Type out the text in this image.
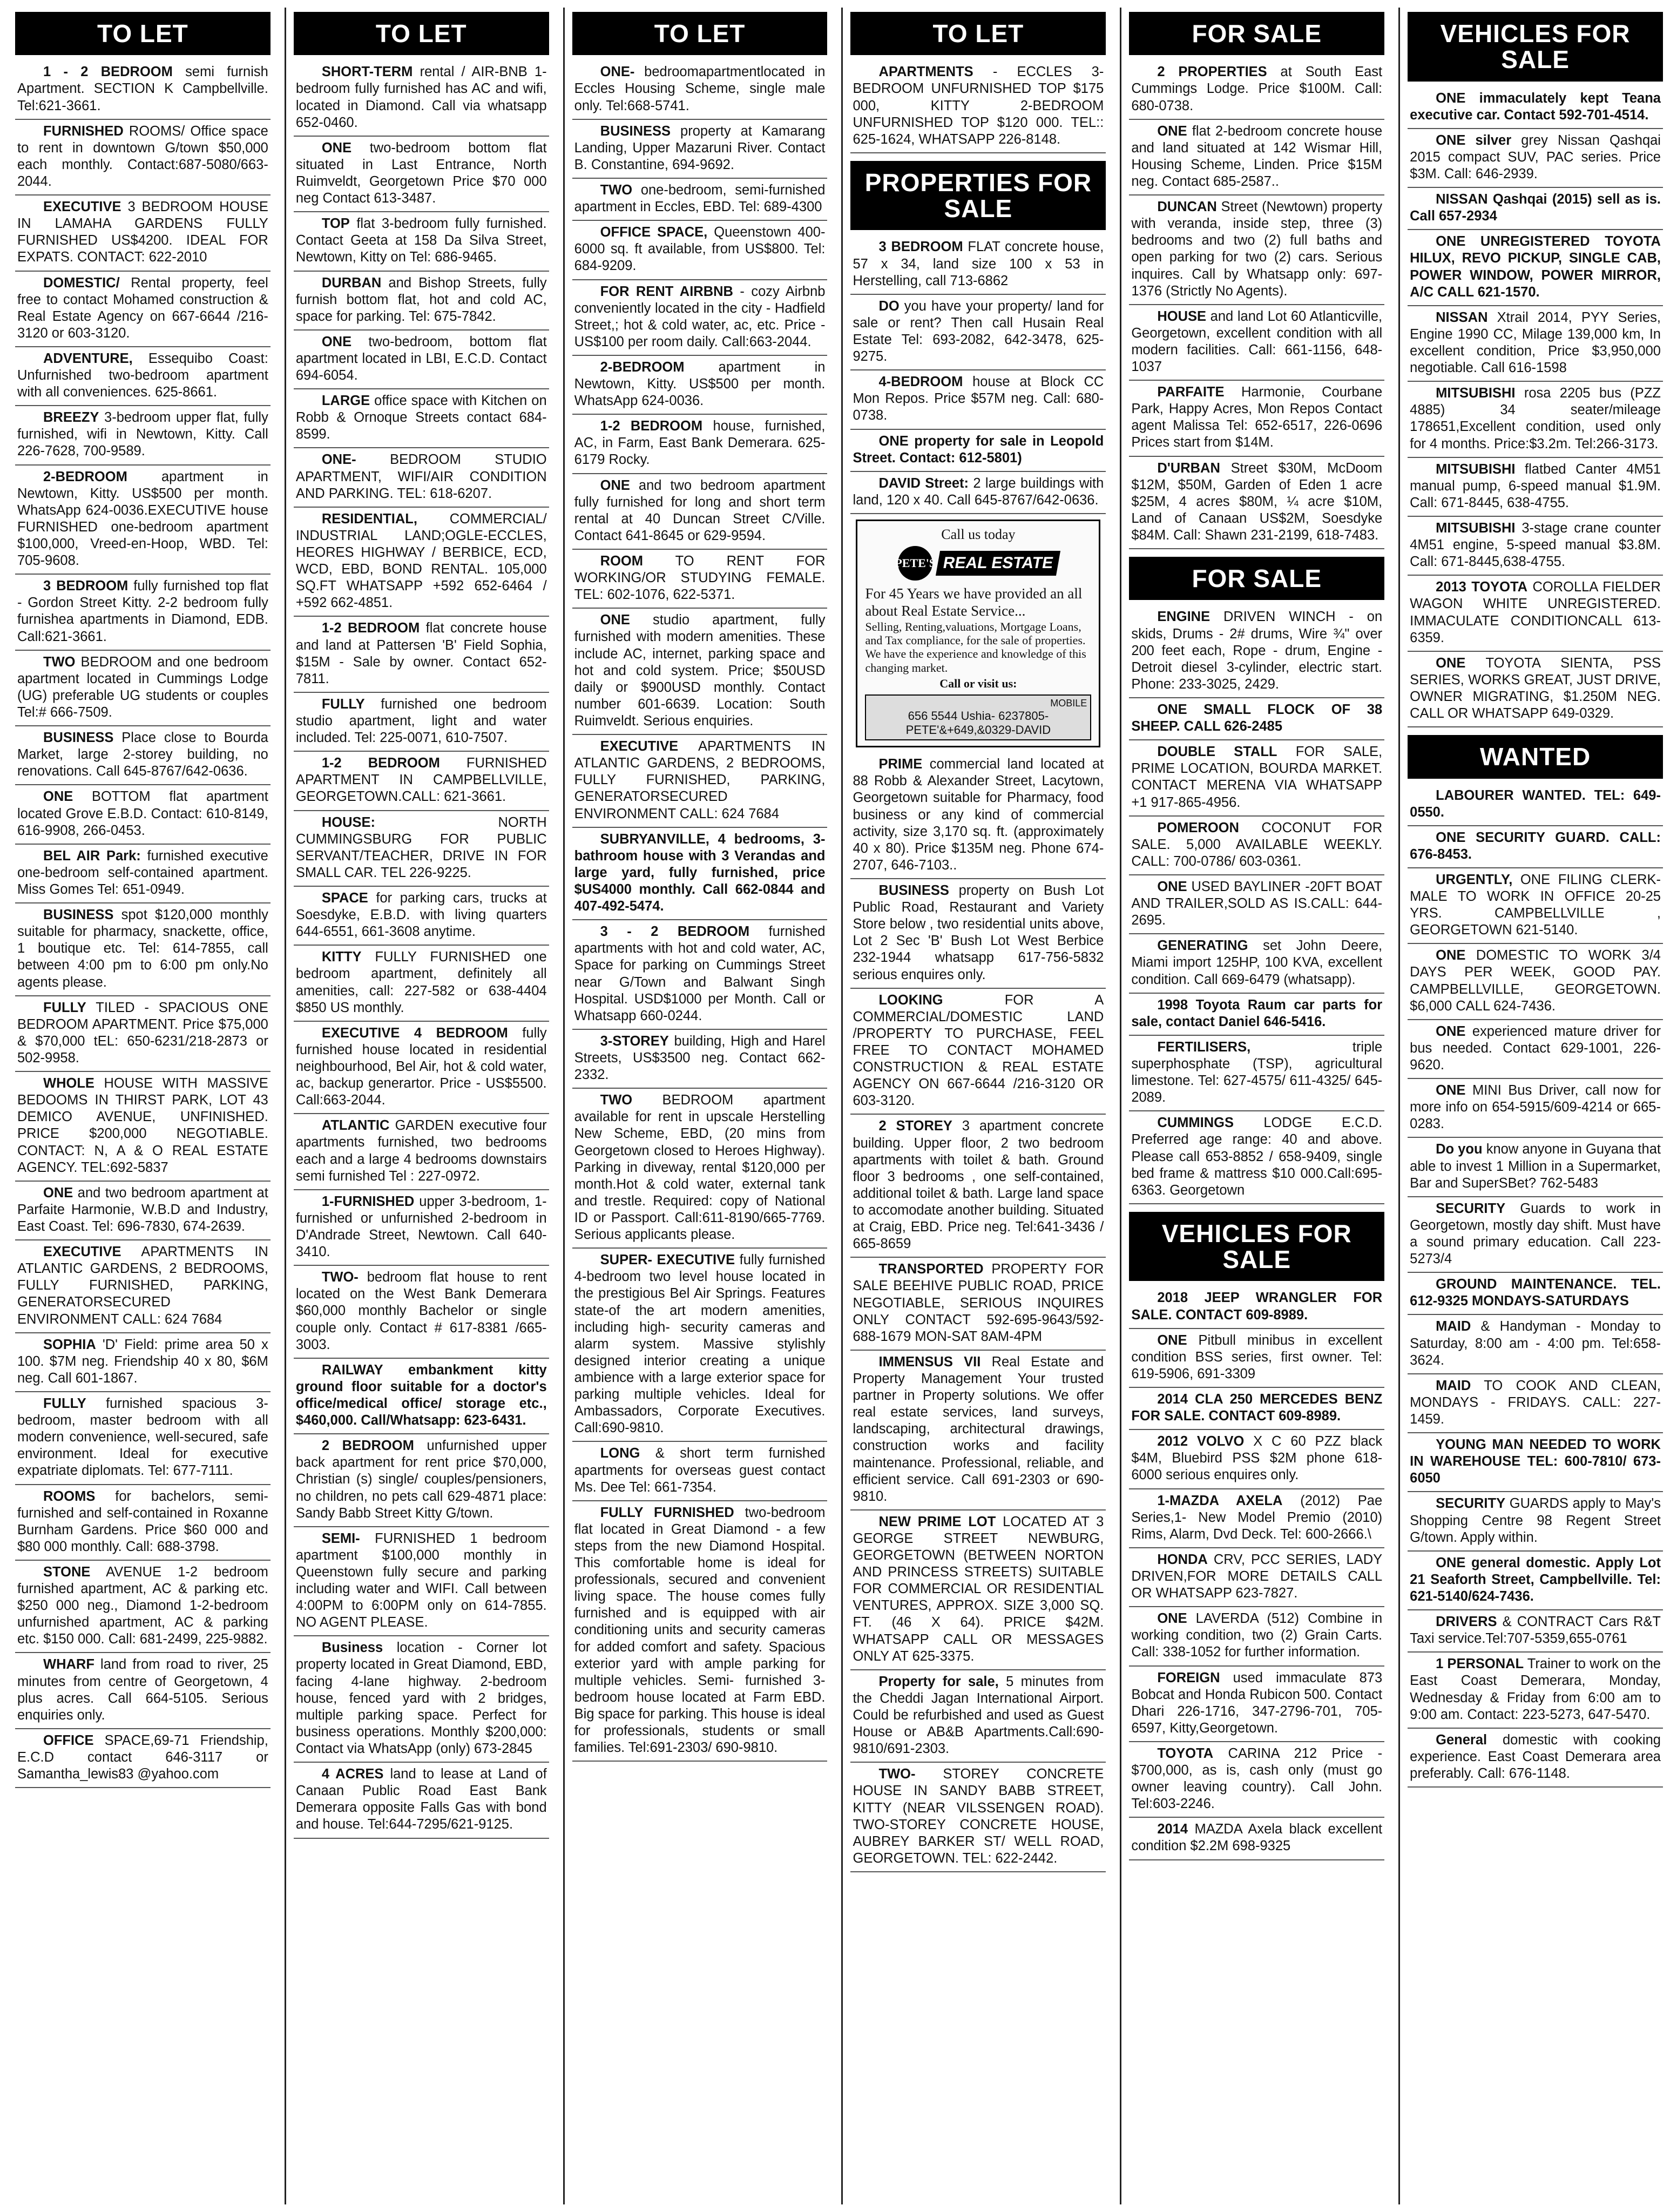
TO LET
1 - 2 BEDROOM semi furnish Apartment. SECTION K Campbellville. Tel:621-3661.
FURNISHED ROOMS/ Office space to rent in downtown G/town $50,000 each monthly. Contact:687-5080/663-2044.
EXECUTIVE 3 BEDROOM HOUSE IN LAMAHA GARDENS FULLY FURNISHED US$4200. IDEAL FOR EXPATS. CONTACT: 622-2010
DOMESTIC/ Rental property, feel free to contact Mohamed construction & Real Estate Agency on 667-6644 /216-3120 or 603-3120.
ADVENTURE, Essequibo Coast: Unfurnished two-bedroom apartment with all conveniences. 625-8661.
BREEZY 3-bedroom upper flat, fully furnished, wifi in Newtown, Kitty. Call 226-7628, 700-9589.
2-BEDROOM apartment in Newtown, Kitty. US$500 per month. WhatsApp 624-0036.EXECUTIVE house FURNISHED one-bedroom apartment $100,000, Vreed-en-Hoop, WBD. Tel: 705-9608.
3 BEDROOM fully furnished top flat - Gordon Street Kitty. 2-2 bedroom fully furnishea apartments in Diamond, EDB. Call:621-3661.
TWO BEDROOM and one bedroom apartment located in Cummings Lodge (UG) preferable UG students or couples Tel:# 666-7509.
BUSINESS Place close to Bourda Market, large 2-storey building, no renovations. Call 645-8767/642-0636.
ONE BOTTOM flat apartment located Grove E.B.D. Contact: 610-8149, 616-9908, 266-0453.
BEL AIR Park: furnished executive one-bedroom self-contained apartment. Miss Gomes Tel: 651-0949.
BUSINESS spot $120,000 monthly suitable for pharmacy, snackette, office, 1 boutique etc. Tel: 614-7855, call between 4:00 pm to 6:00 pm only.No agents please.
FULLY TILED - SPACIOUS ONE BEDROOM APARTMENT. Price $75,000 & $70,000 tEL: 650-6231/218-2873 or 502-9958.
WHOLE HOUSE WITH MASSIVE BEDOOMS IN THIRST PARK, LOT 43 DEMICO AVENUE, UNFINISHED. PRICE $200,000 NEGOTIABLE. CONTACT: N, A & O REAL ESTATE AGENCY. TEL:692-5837
ONE and two bedroom apartment at Parfaite Harmonie, W.B.D and Industry, East Coast. Tel: 696-7830, 674-2639.
EXECUTIVE APARTMENTS IN ATLANTIC GARDENS, 2 BEDROOMS, FULLY FURNISHED, PARKING, GENERATORSECURED ENVIRONMENT CALL: 624 7684
SOPHIA 'D' Field: prime area 50 x 100. $7M neg. Friendship 40 x 80, $6M neg. Call 601-1867.
FULLY furnished spacious 3-bedroom, master bedroom with all modern convenience, well-secured, safe environment. Ideal for executive expatriate diplomats. Tel: 677-7111.
ROOMS for bachelors, semi-furnished and self-contained in Roxanne Burnham Gardens. Price $60 000 and $80 000 monthly. Call: 688-3798.
STONE AVENUE 1-2 bedroom furnished apartment, AC & parking etc. $250 000 neg., Diamond 1-2-bedroom unfurnished apartment, AC & parking etc. $150 000. Call: 681-2499, 225-9882.
WHARF land from road to river, 25 minutes from centre of Georgetown, 4 plus acres. Call 664-5105. Serious enquiries only.
OFFICE SPACE,69-71 Friendship, E.C.D contact 646-3117 or Samantha_lewis83 @yahoo.com
TO LET
SHORT-TERM rental / AIR-BNB 1-bedroom fully furnished has AC and wifi, located in Diamond. Call via whatsapp 652-0460.
ONE two-bedroom bottom flat situated in Last Entrance, North Ruimveldt, Georgetown Price $70 000 neg Contact 613-3487.
TOP flat 3-bedroom fully furnished. Contact Geeta at 158 Da Silva Street, Newtown, Kitty on Tel: 686-9465.
DURBAN and Bishop Streets, fully furnish bottom flat, hot and cold AC, space for parking. Tel: 675-7842.
ONE two-bedroom, bottom flat apartment located in LBI, E.C.D. Contact 694-6054.
LARGE office space with Kitchen on Robb & Ornoque Streets contact 684-8599.
ONE- BEDROOM STUDIO APARTMENT, WIFI/AIR CONDITION AND PARKING. TEL: 618-6207.
RESIDENTIAL, COMMERCIAL/ INDUSTRIAL LAND;OGLE-ECCLES, HEORES HIGHWAY / BERBICE, ECD, WCD, EBD, BOND RENTAL. 105,000 SQ.FT WHATSAPP +592 652-6464 / +592 662-4851.
1-2 BEDROOM flat concrete house and land at Pattersen 'B' Field Sophia, $15M - Sale by owner. Contact 652-7811.
FULLY furnished one bedroom studio apartment, light and water included. Tel: 225-0071, 610-7507.
1-2 BEDROOM FURNISHED APARTMENT IN CAMPBELLVILLE, GEORGETOWN.CALL: 621-3661.
HOUSE:	NORTH CUMMINGSBURG FOR PUBLIC SERVANT/TEACHER, DRIVE IN FOR SMALL CAR. TEL 226-9225.
SPACE for parking cars, trucks at Soesdyke, E.B.D. with living quarters 644-6551, 661-3608 anytime.
KITTY FULLY FURNISHED one bedroom apartment, definitely all amenities, call: 227-582 or 638-4404 $850 US monthly.
EXECUTIVE 4 BEDROOM fully furnished house located in residential neighbourhood, Bel Air, hot & cold water, ac, backup generartor. Price - US$5500. Call:663-2044.
ATLANTIC GARDEN executive four apartments furnished, two bedrooms each and a large 4 bedrooms downstairs semi furnished Tel : 227-0972.
1-FURNISHED upper 3-bedroom, 1-furnished or unfurnished 2-bedroom in D'Andrade Street, Newtown. Call 640-3410.
TWO- bedroom flat house to rent located on the West Bank Demerara $60,000 monthly Bachelor or single couple only. Contact # 617-8381 /665-3003.
RAILWAY embankment kitty ground floor suitable for a doctor's office/medical office/ storage etc., $460,000. Call/Whatsapp: 623-6431.
2 BEDROOM unfurnished upper back apartment for rent price $70,000, Christian (s) single/ couples/pensioners, no children, no pets call 629-4871 place: Sandy Babb Street Kitty G/town.
SEMI- FURNISHED 1 bedroom apartment $100,000 monthly in Queenstown fully secure and parking including water and WIFI. Call between 4:00PM to 6:00PM only on 614-7855. NO AGENT PLEASE.
Business location - Corner lot property located in Great Diamond, EBD, facing 4-lane highway. 2-bedroom house, fenced yard with 2 bridges, multiple parking space. Perfect for business operations. Monthly $200,000: Contact via WhatsApp (only) 673-2845
4 ACRES land to lease at Land of Canaan Public Road East Bank Demerara opposite Falls Gas with bond and house. Tel:644-7295/621-9125.
TO LET
ONE- bedroomapartmentlocated in Eccles Housing Scheme, single male only. Tel:668-5741.
BUSINESS property at Kamarang Landing, Upper Mazaruni River. Contact B. Constantine, 694-9692.
TWO one-bedroom, semi-furnished apartment in Eccles, EBD. Tel: 689-4300
OFFICE SPACE, Queenstown 400-6000 sq. ft available, from US$800. Tel: 684-9209.
FOR RENT AIRBNB - cozy Airbnb conveniently located in the city - Hadfield Street,; hot & cold water, ac, etc. Price - US$100 per room daily. Call:663-2044.
2-BEDROOM apartment in Newtown, Kitty. US$500 per month. WhatsApp 624-0036.
1-2 BEDROOM house, furnished, AC, in Farm, East Bank Demerara. 625-6179 Rocky.
ONE and two bedroom apartment fully furnished for long and short term rental at 40 Duncan Street C/Ville. Contact 641-8645 or 629-9594.
ROOM TO RENT FOR WORKING/OR STUDYING FEMALE. TEL: 602-1076, 622-5371.
ONE studio apartment, fully furnished with modern amenities. These include AC, internet, parking space and hot and cold system. Price; $50USD daily or $900USD monthly. Contact number 601-6639. Location: South Ruimveldt. Serious enquiries.
EXECUTIVE APARTMENTS IN ATLANTIC GARDENS, 2 BEDROOMS, FULLY FURNISHED, PARKING, GENERATORSECURED ENVIRONMENT CALL: 624 7684
SUBRYANVILLE, 4 bedrooms, 3-bathroom house with 3 Verandas and large yard, fully furnished, price $US4000 monthly. Call 662-0844 and 407-492-5474.
3 - 2 BEDROOM furnished apartments with hot and cold water, AC, Space for parking on Cummings Street near G/Town and Balwant Singh Hospital. USD$1000 per Month. Call or Whatsapp 660-0244.
3-STOREY building, High and Harel Streets, US$3500 neg. Contact 662-2332.
TWO BEDROOM apartment available for rent in upscale Herstelling New Scheme, EBD, (20 mins from Georgetown closed to Heroes Highway). Parking in diveway, rental $120,000 per month.Hot & cold water, external tank and trestle. Required: copy of National ID or Passport. Call:611-8190/665-7769. Serious applicants please.
SUPER- EXECUTIVE fully furnished 4-bedroom two level house located in the prestigious Bel Air Springs. Features state-of the art modern amenities, including high- security cameras and alarm system. Massive stylishly designed interior creating a unique ambience with a large exterior space for parking multiple vehicles. Ideal for Ambassadors, Corporate Executives. Call:690-9810.
LONG & short term furnished apartments for overseas guest contact Ms. Dee Tel: 661-7354.
FULLY FURNISHED two-bedroom flat located in Great Diamond - a few steps from the new Diamond Hospital. This comfortable home is ideal for professionals, secured and convenient living space. The house comes fully furnished and is equipped with air conditioning units and security cameras for added comfort and safety. Spacious exterior yard with ample parking for multiple vehicles. Semi- furnished 3-bedroom house located at Farm EBD. Big space for parking. This house is ideal for professionals, students or small families. Tel:691-2303/ 690-9810.
TO LET
APARTMENTS - ECCLES 3-BEDROOM UNFURNISHED TOP $175 000, KITTY 2-BEDROOM UNFURNISHED TOP $120 000. TEL:: 625-1624, WHATSAPP 226-8148.
PROPERTIES FOR SALE
3 BEDROOM FLAT concrete house, 57 x 34, land size 100 x 53 in Herstelling, call 713-6862
DO you have your property/ land for sale or rent? Then call Husain Real Estate Tel: 693-2082, 642-3478, 625-9275.
4-BEDROOM house at Block CC Mon Repos. Price $57M neg. Call: 680-0738.
ONE property for sale in Leopold Street. Contact: 612-5801)
DAVID Street: 2 large buildings with land, 120 x 40. Call 645-8767/642-0636.
Call us today
PETE'S REAL ESTATE
For 45 Years we have provided an all about Real Estate Service...
Selling, Renting,valuations, Mortgage Loans, and Tax compliance, for the sale of properties. We have the experience and knowledge of this changing market.
Call or visit us:
MOBILE
656 5544 Ushia- 6237805- PETE'&+649,&0329-DAVID
PRIME commercial land located at 88 Robb & Alexander Street, Lacytown, Georgetown suitable for Pharmacy, food business or any kind of commercial activity, size 3,170 sq. ft. (approximately 40 x 80). Price $135M neg. Phone 674-2707, 646-7103..
BUSINESS property on Bush Lot Public Road, Restaurant and Variety Store below , two residential units above, Lot 2 Sec 'B' Bush Lot West Berbice 232-1944 whatsapp 617-756-5832 serious enquires only.
LOOKING	FOR A COMMERCIAL/DOMESTIC LAND /PROPERTY TO PURCHASE, FEEL FREE TO CONTACT MOHAMED CONSTRUCTION & REAL ESTATE AGENCY ON 667-6644 /216-3120 OR 603-3120.
2 STOREY 3 apartment concrete building. Upper floor, 2 two bedroom apartments with toilet & bath. Ground floor 3 bedrooms , one self-contained, additional toilet & bath. Large land space to accomodate another building. Situated at Craig, EBD. Price neg. Tel:641-3436 / 665-8659
TRANSPORTED PROPERTY FOR SALE BEEHIVE PUBLIC ROAD, PRICE NEGOTIABLE, SERIOUS INQUIRES ONLY CONTACT 592-695-9643/592-688-1679 MON-SAT 8AM-4PM
IMMENSUS VII Real Estate and Property Management Your trusted partner in Property solutions. We offer real estate services, land surveys, landscaping, architectural drawings, construction works and facility maintenance. Professional, reliable, and efficient service. Call 691-2303 or 690-9810.
NEW PRIME LOT LOCATED AT 3 GEORGE STREET NEWBURG, GEORGETOWN (BETWEEN NORTON AND PRINCESS STREETS) SUITABLE FOR COMMERCIAL OR RESIDENTIAL VENTURES, APPROX. SIZE 3,000 SQ. FT. (46 X 64). PRICE $42M. WHATSAPP CALL OR MESSAGES ONLY AT 625-3375.
Property for sale, 5 minutes from the Cheddi Jagan International Airport. Could be refurbished and used as Guest House or AB&B Apartments.Call:690-9810/691-2303.
TWO- STOREY CONCRETE HOUSE IN SANDY BABB STREET, KITTY (NEAR VILSSENGEN ROAD). TWO-STOREY CONCRETE HOUSE, AUBREY BARKER ST/ WELL ROAD, GEORGETOWN. TEL: 622-2442.
FOR SALE
2 PROPERTIES at South East Cummings Lodge. Price $100M. Call: 680-0738.
ONE flat 2-bedroom concrete house and land situated at 142 Wismar Hill, Housing Scheme, Linden. Price $15M neg. Contact 685-2587..
DUNCAN Street (Newtown) property with veranda, inside step, three (3) bedrooms and two (2) full baths and open parking for two (2) cars. Serious inquires. Call by Whatsapp only: 697-1376 (Strictly No Agents).
HOUSE and land Lot 60 Atlanticville, Georgetown, excellent condition with all modern facilities. Call: 661-1156, 648-1037
PARFAITE Harmonie, Courbane Park, Happy Acres, Mon Repos Contact agent Malissa Tel: 652-6517, 226-0696 Prices start from $14M.
D'URBAN Street $30M, McDoom $12M, $50M, Garden of Eden 1 acre $25M, 4 acres $80M, ¼ acre $10M, Land of Canaan US$2M, Soesdyke $84M. Call: Shawn 231-2199, 618-7483.
FOR SALE
ENGINE DRIVEN WINCH - on skids, Drums - 2# drums, Wire ¾" over 200 feet each, Rope - drum, Engine - Detroit diesel 3-cylinder, electric start. Phone: 233-3025, 2429.
ONE SMALL FLOCK OF 38 SHEEP. CALL 626-2485
DOUBLE STALL FOR SALE, PRIME LOCATION, BOURDA MARKET. CONTACT MERENA VIA WHATSAPP +1 917-865-4956.
POMEROON COCONUT FOR SALE. 5,000 AVAILABLE WEEKLY. CALL: 700-0786/ 603-0361.
ONE USED BAYLINER -20FT BOAT AND TRAILER,SOLD AS IS.CALL: 644-2695.
GENERATING set John Deere, Miami import 125HP, 100 KVA, excellent condition. Call 669-6479 (whatsapp).
1998 Toyota Raum car parts for sale, contact Daniel 646-5416.
FERTILISERS,	triple superphosphate (TSP), agricultural limestone. Tel: 627-4575/ 611-4325/ 645-2089.
CUMMINGS LODGE E.C.D. Preferred age range: 40 and above. Please call 653-8852 / 658-9409, single bed frame & mattress $10 000.Call:695-6363. Georgetown
VEHICLES FOR SALE
2018 JEEP WRANGLER FOR SALE. CONTACT 609-8989.
ONE Pitbull minibus in excellent condition BSS series, first owner. Tel: 619-5906, 691-3309
2014 CLA 250 MERCEDES BENZ FOR SALE. CONTACT 609-8989.
2012 VOLVO X C 60 PZZ black $4M, Bluebird PSS $2M phone 618-6000 serious enquires only.
1-MAZDA AXELA (2012) Pae Series,1- New Model Premio (2010) Rims, Alarm, Dvd Deck. Tel: 600-2666.\
HONDA CRV, PCC SERIES, LADY DRIVEN,FOR MORE DETAILS CALL OR WHATSAPP 623-7827.
ONE LAVERDA (512) Combine in working condition, two (2) Grain Carts. Call: 338-1052 for further information.
FOREIGN used immaculate 873 Bobcat and Honda Rubicon 500. Contact Dhari 226-1716, 347-2796-701, 705-6597, Kitty,Georgetown.
TOYOTA CARINA 212 Price - $700,000, as is, cash only (must go owner leaving country). Call John. Tel:603-2246.
2014 MAZDA Axela black excellent condition $2.2M 698-9325
VEHICLES FOR SALE
ONE immaculately kept Teana executive car. Contact 592-701-4514.
ONE silver grey Nissan Qashqai 2015 compact SUV, PAC series. Price $3M. Call: 646-2939.
NISSAN Qashqai (2015) sell as is. Call 657-2934
ONE UNREGISTERED TOYOTA HILUX, REVO PICKUP, SINGLE CAB, POWER WINDOW, POWER MIRROR, A/C CALL 621-1570.
NISSAN Xtrail 2014, PYY Series, Engine 1990 CC, Milage 139,000 km, In excellent condition, Price $3,950,000 negotiable. Call 616-1598
MITSUBISHI rosa 2205 bus (PZZ 4885) 34 seater/mileage 178651,Excellent condition, used only for 4 months. Price:$3.2m. Tel:266-3173.
MITSUBISHI flatbed Canter 4M51 manual pump, 6-speed manual $1.9M. Call: 671-8445, 638-4755.
MITSUBISHI 3-stage crane counter 4M51 engine, 5-speed manual $3.8M. Call: 671-8445,638-4755.
2013 TOYOTA COROLLA FIELDER WAGON WHITE UNREGISTERED. IMMACULATE CONDITIONCALL 613-6359.
ONE TOYOTA SIENTA, PSS SERIES, WORKS GREAT, JUST DRIVE, OWNER MIGRATING, $1.250M NEG. CALL OR WHATSAPP 649-0329.
WANTED
LABOURER WANTED. TEL: 649-0550.
ONE SECURITY GUARD. CALL: 676-8453.
URGENTLY, ONE FILING CLERK- MALE TO WORK IN OFFICE 20-25 YRS. CAMPBELLVILLE , GEORGETOWN 621-5140.
ONE DOMESTIC TO WORK 3/4 DAYS PER WEEK, GOOD PAY. CAMPBELLVILLE, GEORGETOWN. $6,000 CALL 624-7436.
ONE experienced mature driver for bus needed. Contact 629-1001, 226-9620.
ONE MINI Bus Driver, call now for more info on 654-5915/609-4214 or 665-0283.
Do you know anyone in Guyana that able to invest 1 Million in a Supermarket, Bar and SuperSBet? 762-5483
SECURITY Guards to work in Georgetown, mostly day shift. Must have a sound primary education. Call 223-5273/4
GROUND MAINTENANCE. TEL. 612-9325 MONDAYS-SATURDAYS
MAID & Handyman - Monday to Saturday, 8:00 am - 4:00 pm. Tel:658-3624.
MAID TO COOK AND CLEAN, MONDAYS - FRIDAYS. CALL: 227-1459.
YOUNG MAN NEEDED TO WORK IN WAREHOUSE TEL: 600-7810/ 673-6050
SECURITY GUARDS apply to May's Shopping Centre 98 Regent Street G/town. Apply within.
ONE general domestic. Apply Lot 21 Seaforth Street, Campbellville. Tel: 621-5140/624-7436.
DRIVERS & CONTRACT Cars R&T Taxi service.Tel:707-5359,655-0761
1 PERSONAL Trainer to work on the East Coast Demerara, Monday, Wednesday & Friday from 6:00 am to 9:00 am. Contact: 223-5273, 647-5470.
General domestic with cooking experience. East Coast Demerara area preferably. Call: 676-1148.
